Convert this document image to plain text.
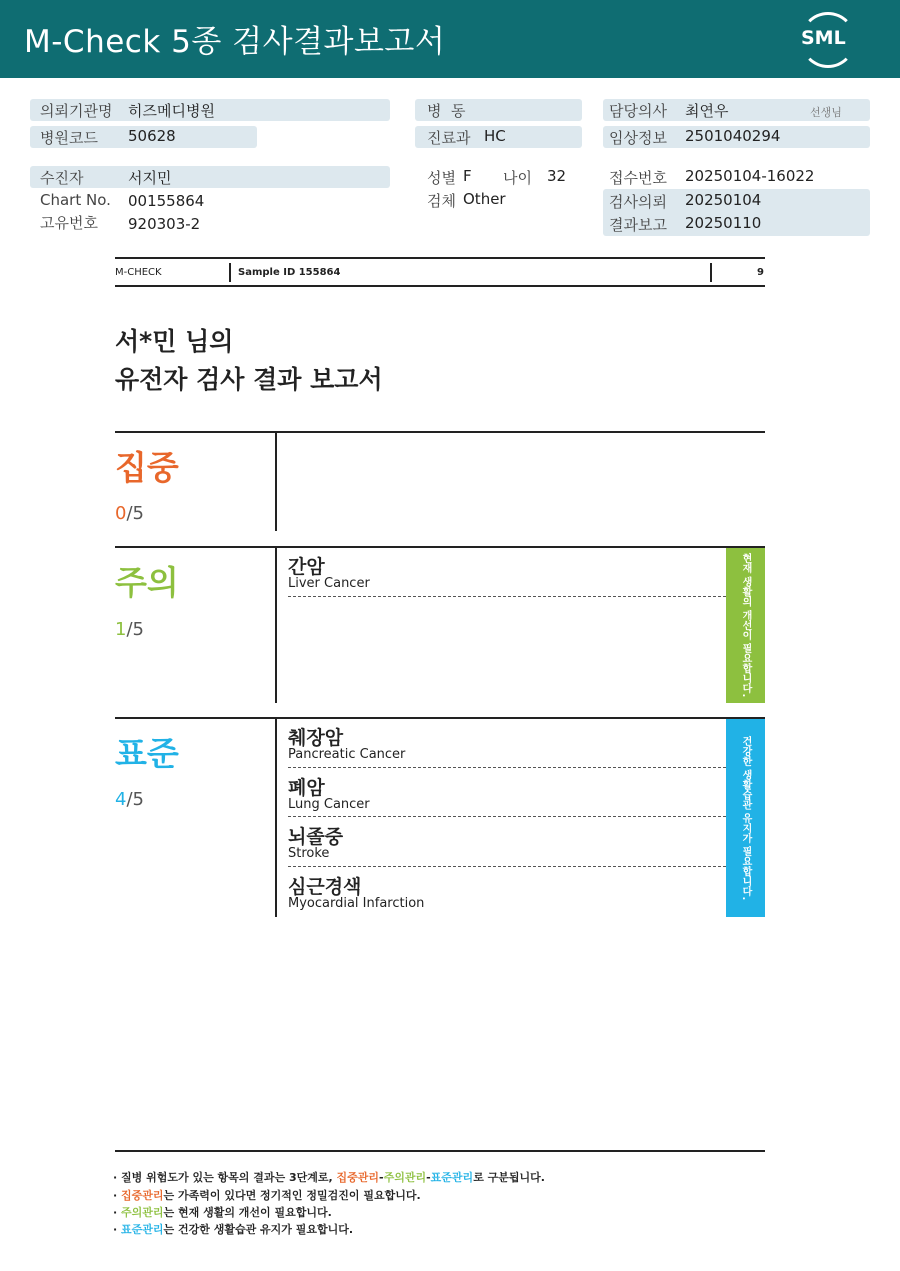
M-Check 5종 검사결과보고서	SML
의뢰기관명 히즈메디병원
병원코드 50628
병  동
진료과 HC
담당의사 최연우	선생님
임상정보 2501040294
수진자	서지민
Chart No. 00155864
고유번호 920303-2
성별 F 나이 32
검체 Other
접수번호 20250104-16022
검사의뢰 20250104
결과보고 20250110
M-CHECK	Sample ID 155864	9
서*민 님의
유전자 검사 결과 보고서
집중
0/5
주의
1/5
간암
Liver Cancer	현재 생활의 개선이 필요합니다.
표준
4/5
췌장암
Pancreatic Cancer
폐암
Lung Cancer
뇌졸중
Stroke
심근경색
Myocardial Infarction
건강한 생활습관 유지가 필요합니다.
· 질병 위험도가 있는 항목의 결과는 3단계로, 집중관리-주의관리-표준관리로 구분됩니다.
· 집중관리는 가족력이 있다면 정기적인 정밀검진이 필요합니다.
· 주의관리는 현재 생활의 개선이 필요합니다.
· 표준관리는 건강한 생활습관 유지가 필요합니다.
